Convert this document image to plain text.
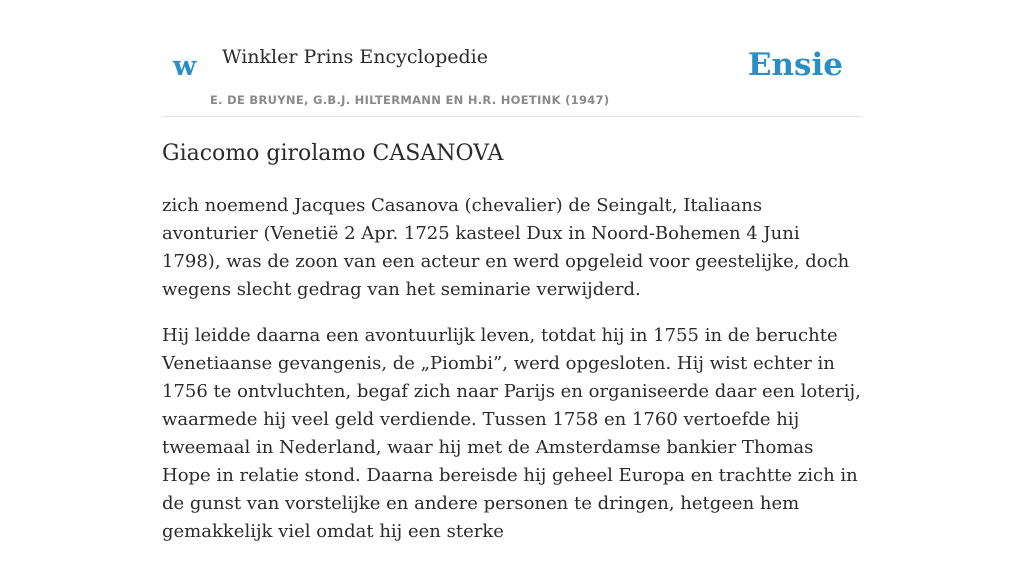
w Winkler Prins Encyclopedie
E. DE BRUYNE, G.B.J. HILTERMANN EN H.R. HOETINK (1947)
Ensie
Giacomo girolamo CASANOVA

zich noemend Jacques Casanova (chevalier) de Seingalt, Italiaans avonturier (Venetië 2 Apr. 1725 kasteel Dux in Noord-Bohemen 4 Juni 1798), was de zoon van een acteur en werd opgeleid voor geestelijke, doch wegens slecht gedrag van het seminarie verwijderd.

Hij leidde daarna een avontuurlijk leven, totdat hij in 1755 in de beruchte Venetiaanse gevangenis, de „Piombi”, werd opgesloten. Hij wist echter in 1756 te ontvluchten, begaf zich naar Parijs en organiseerde daar een loterij, waarmede hij veel geld verdiende. Tussen 1758 en 1760 vertoefde hij tweemaal in Nederland, waar hij met de Amsterdamse bankier Thomas Hope in relatie stond. Daarna bereisde hij geheel Europa en trachtte zich in de gunst van vorstelijke en andere personen te dringen, hetgeen hem gemakkelijk viel omdat hij een sterke
